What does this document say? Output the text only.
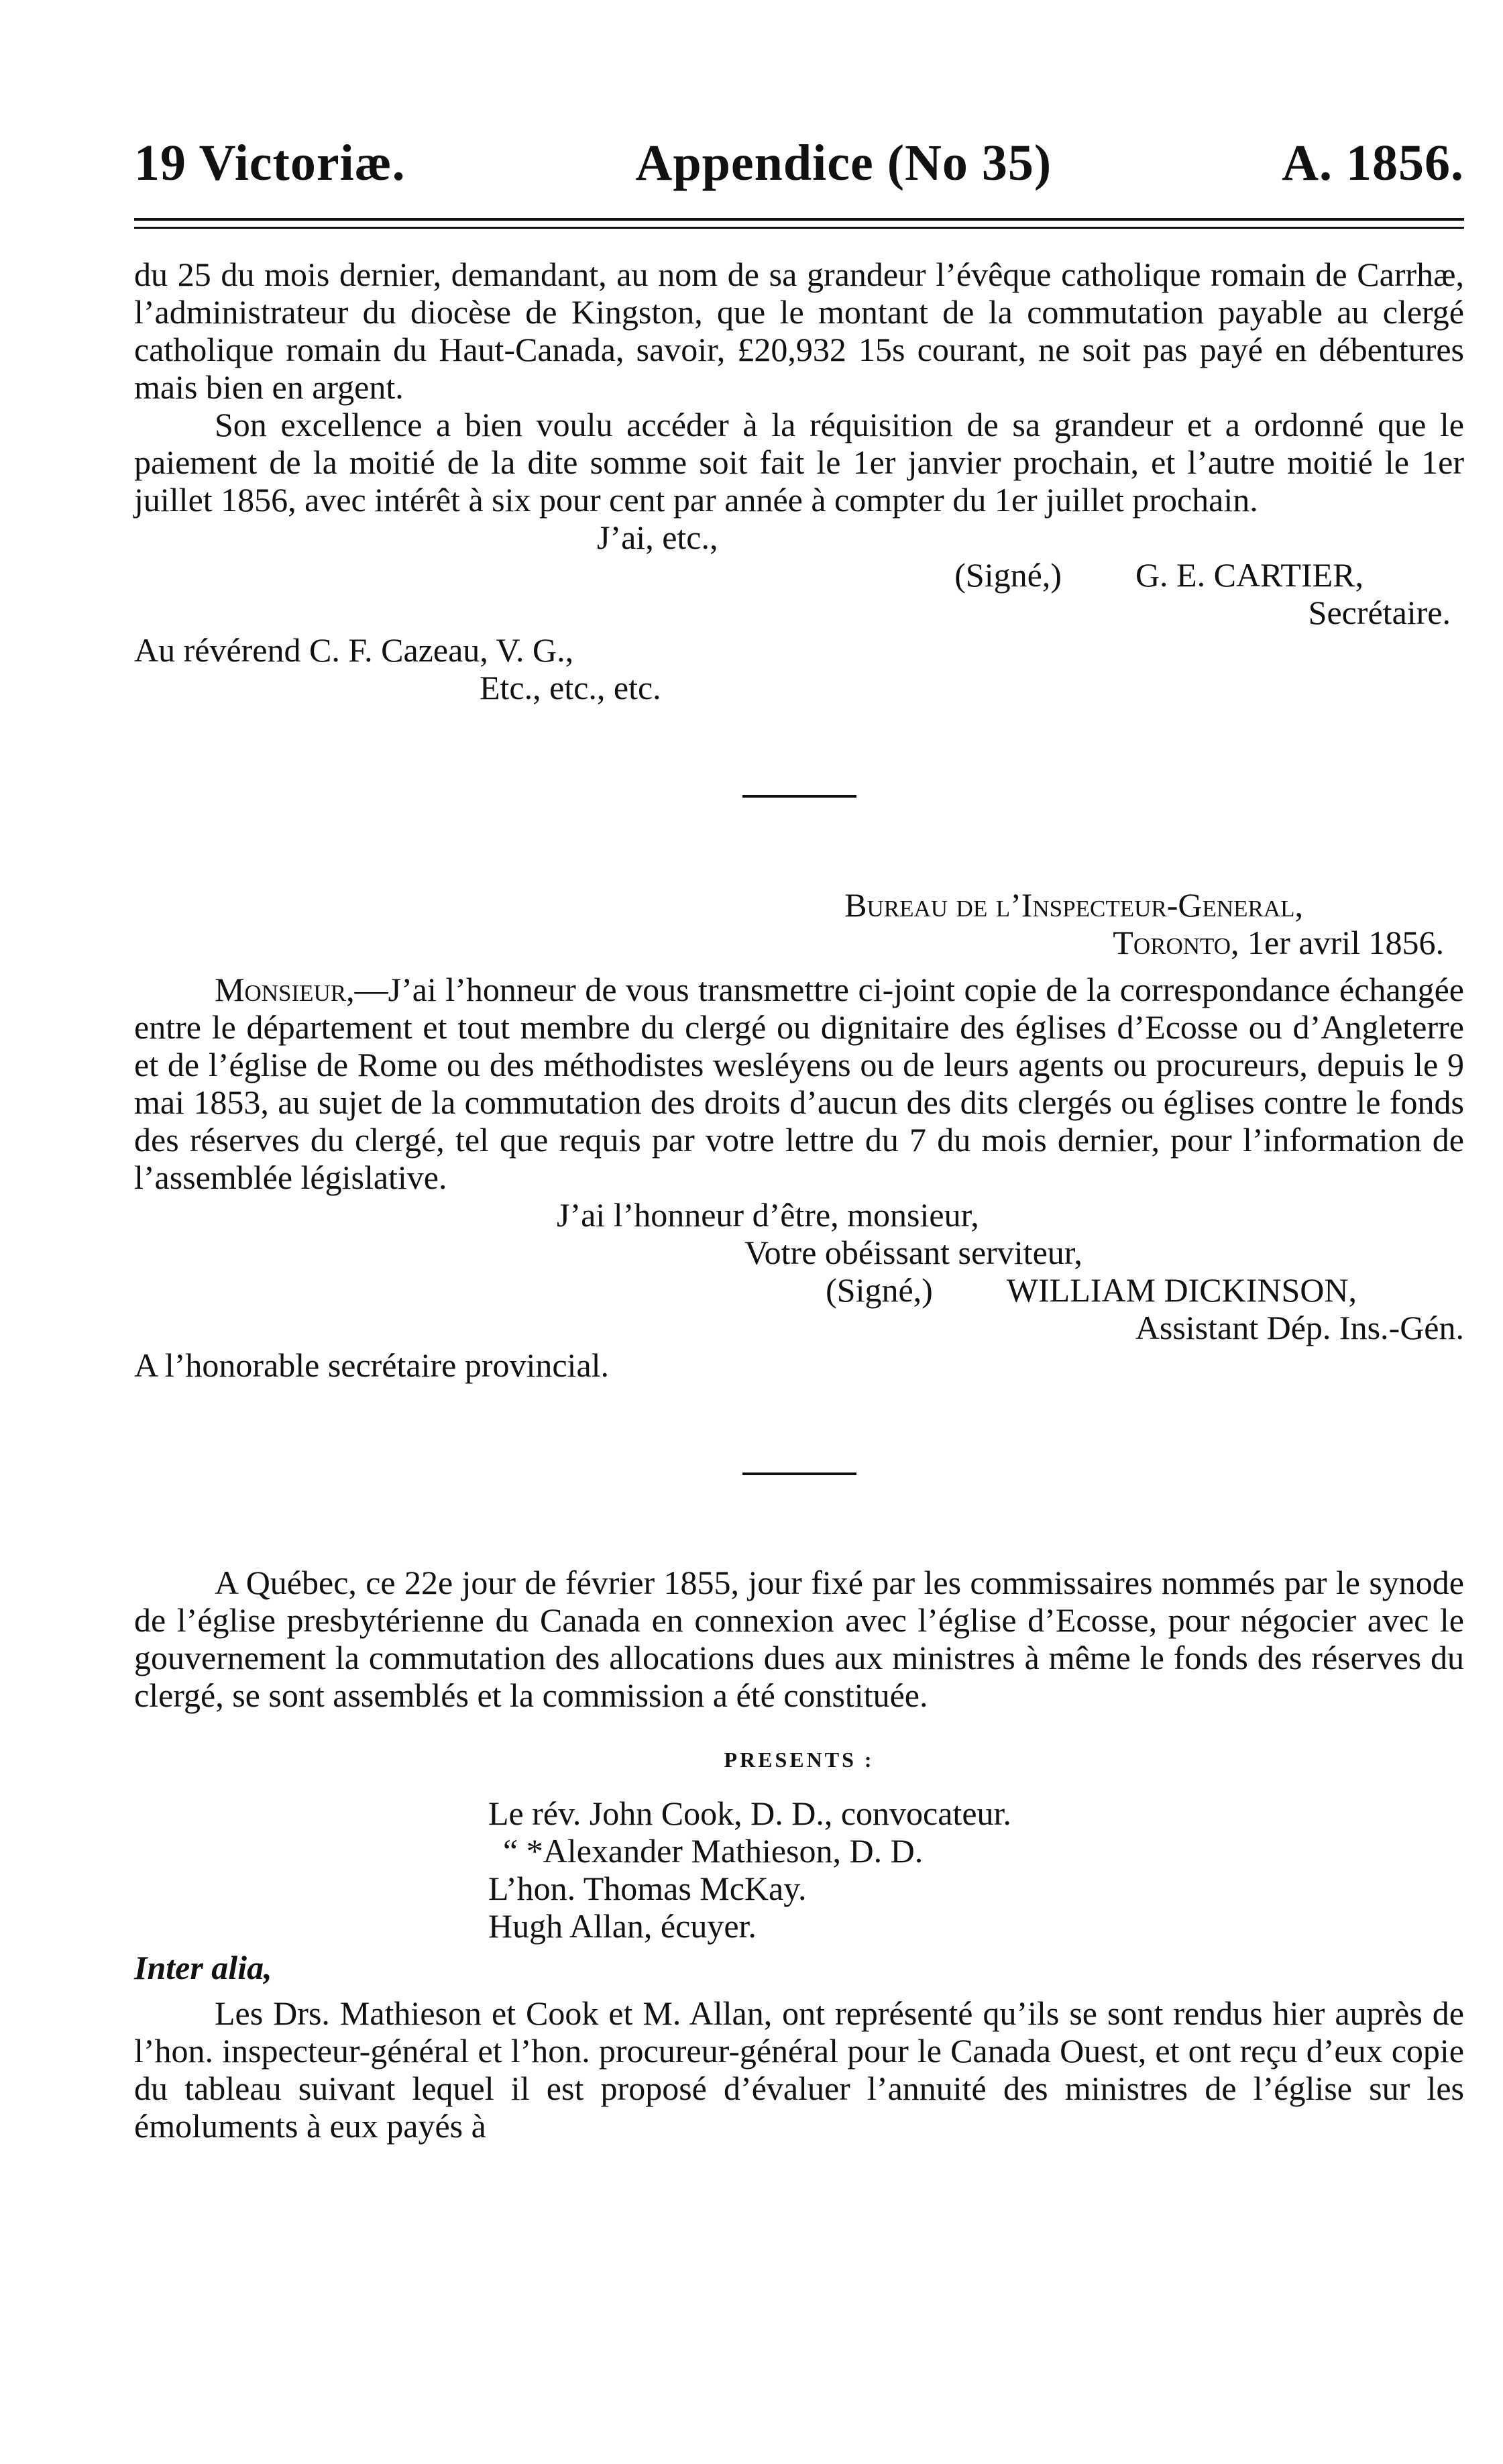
19 Victoriæ.	Appendice (No 35)	A. 1856.

du 25 du mois dernier, demandant, au nom de sa grandeur l’évêque catholique romain de Carrhæ, l’administrateur du diocèse de Kingston, que le montant de la commutation payable au clergé catholique romain du Haut-Canada, savoir, £20,932 15s courant, ne soit pas payé en débentures mais bien en argent.

Son excellence a bien voulu accéder à la réquisition de sa grandeur et a ordonné que le paiement de la moitié de la dite somme soit fait le 1er janvier prochain, et l’autre moitié le 1er juillet 1856, avec intérêt à six pour cent par année à compter du 1er juillet prochain.

J’ai, etc.,
(Signé,) G. E. CARTIER,
Secrétaire.
Au révérend C. F. Cazeau, V. G.,
Etc., etc., etc.
Bureau de l’Inspecteur-General,
Toronto, 1er avril 1856.

Monsieur,—J’ai l’honneur de vous transmettre ci-joint copie de la correspondance échangée entre le département et tout membre du clergé ou dignitaire des églises d’Ecosse ou d’Angleterre et de l’église de Rome ou des méthodistes wesléyens ou de leurs agents ou procureurs, depuis le 9 mai 1853, au sujet de la commutation des droits d’aucun des dits clergés ou églises contre le fonds des réserves du clergé, tel que requis par votre lettre du 7 du mois dernier, pour l’information de l’assemblée législative.

J’ai l’honneur d’être, monsieur,
Votre obéissant serviteur,
(Signé,) WILLIAM DICKINSON,
Assistant Dép. Ins.-Gén.
A l’honorable secrétaire provincial.

A Québec, ce 22e jour de février 1855, jour fixé par les commissaires nommés par le synode de l’église presbytérienne du Canada en connexion avec l’église d’Ecosse, pour négocier avec le gouvernement la commutation des allocations dues aux ministres à même le fonds des réserves du clergé, se sont assemblés et la commission a été constituée.

PRESENTS :
Le rév. John Cook, D. D., convocateur.
“ *Alexander Mathieson, D. D.
L’hon. Thomas McKay.
Hugh Allan, écuyer.
Inter alia,

Les Drs. Mathieson et Cook et M. Allan, ont représenté qu’ils se sont rendus hier auprès de l’hon. inspecteur-général et l’hon. procureur-général pour le Canada Ouest, et ont reçu d’eux copie du tableau suivant lequel il est proposé d’évaluer l’annuité des ministres de l’église sur les émoluments à eux payés à
